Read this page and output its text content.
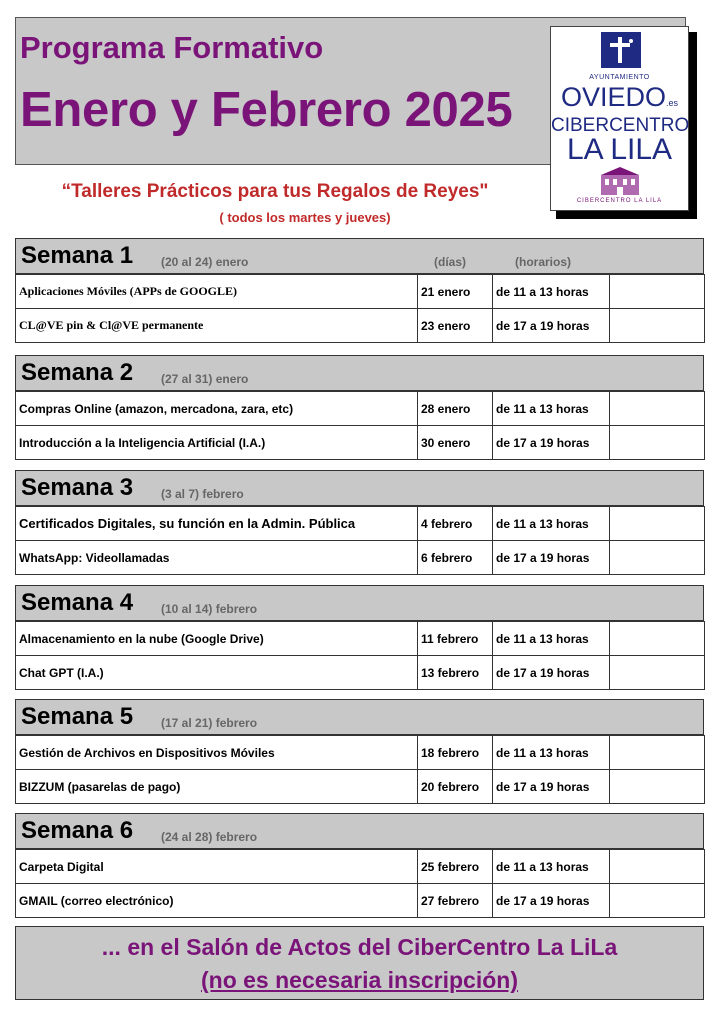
Programa Formativo
Enero y Febrero 2025
AYUNTAMIENTO
OVIEDO.es
CIBERCENTRO
LA LILA
CIBERCENTRO LA LILA
“Talleres Prácticos para tus Regalos de Reyes"
( todos los martes y jueves)
Semana 1 (20 al 24) enero	(días)	(horarios)
Aplicaciones Móviles (APPs de GOOGLE)	21 enero	de 11 a 13 horas	
CL@VE pin & Cl@VE permanente	23 enero	de 17 a 19 horas	
Semana 2 (27 al 31) enero
Compras Online (amazon, mercadona, zara, etc)	28 enero	de 11 a 13 horas	
Introducción a la Inteligencia Artificial (I.A.)	30 enero	de 17 a 19 horas	
Semana 3 (3 al 7) febrero
Certificados Digitales, su función en la Admin. Pública	4 febrero	de 11 a 13 horas	
WhatsApp: Videollamadas	6 febrero	de 17 a 19 horas	
Semana 4 (10 al 14) febrero
Almacenamiento en la nube (Google Drive)	11 febrero	de 11 a 13 horas	
Chat GPT (I.A.)	13 febrero	de 17 a 19 horas	
Semana 5 (17 al 21) febrero
Gestión de Archivos en Dispositivos Móviles	18 febrero	de 11 a 13 horas	
BIZZUM (pasarelas de pago)	20 febrero	de 17 a 19 horas	
Semana 6 (24 al 28) febrero
Carpeta Digital	25 febrero	de 11 a 13 horas	
GMAIL (correo electrónico)	27 febrero	de 17 a 19 horas	
... en el Salón de Actos del CiberCentro La LiLa
(no es necesaria inscripción)
